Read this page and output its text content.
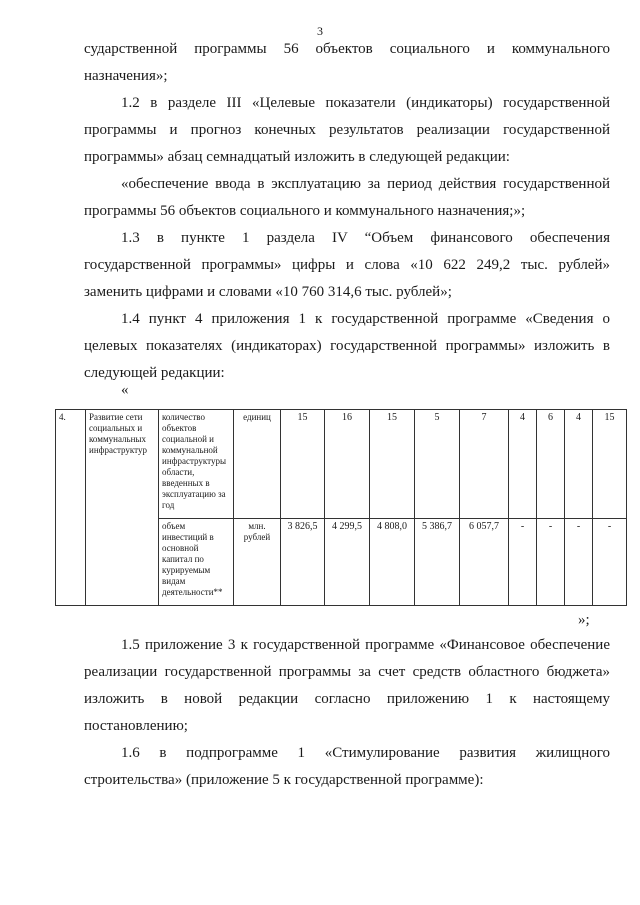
3
сударственной программы 56 объектов социального и коммунального назначения»;
1.2 в разделе III «Целевые показатели (индикаторы) государственной программы и прогноз конечных результатов реализации государственной программы» абзац семнадцатый изложить в следующей редакции:
«обеспечение ввода в эксплуатацию за период действия государственной программы 56 объектов социального и коммунального назначения;»;
1.3 в пункте 1 раздела IV “Объем финансового обеспечения государственной программы» цифры и слова «10 622 249,2 тыс. рублей» заменить цифрами и словами «10 760 314,6 тыс. рублей»;
1.4 пункт 4 приложения 1 к государственной программе «Сведения о целевых показателях (индикаторах) государственной программы» изложить в следующей редакции:
«
4.	Развитие сети социальных и коммунальных инфраструктур	количество объектов социальной и коммунальной инфраструктуры области, введенных в эксплуатацию за год	единиц	15	16	15	5	7	4	6	4	15
		объем инвестиций в основной капитал по курируемым видам деятельности**	млн. рублей	3 826,5	4 299,5	4 808,0	5 386,7	6 057,7	-	-	-	-
»;
1.5 приложение 3 к государственной программе «Финансовое обеспечение реализации государственной программы за счет средств областного бюджета» изложить в новой редакции согласно приложению 1 к настоящему постановлению;
1.6 в подпрограмме 1 «Стимулирование развития жилищного строительства» (приложение 5 к государственной программе):
